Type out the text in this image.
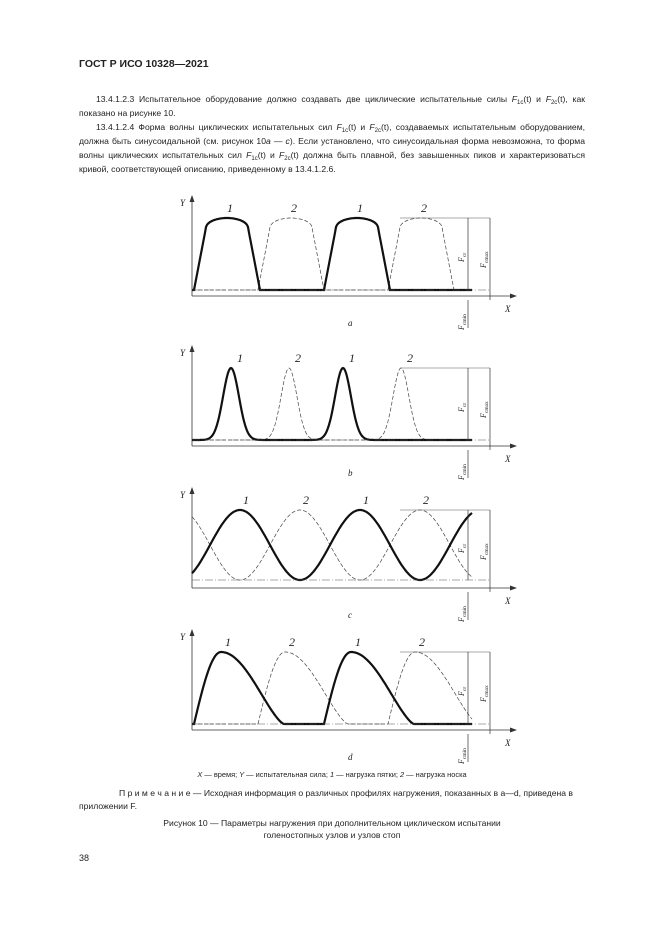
ГОСТ Р ИСО 10328—2021

13.4.1.2.3 Испытательное оборудование должно создавать две циклические испытательные силы $F_{1c}(t)$ и $F_{2c}(t)$, как показано на рисунке 10.

13.4.1.2.4 Форма волны циклических испытательных сил $F_{1c}(t)$ и $F_{2c}(t)$, создаваемых испытательным оборудованием, должна быть синусоидальной (см. рисунок 10a — c). Если установлено, что синусоидальная форма невозможна, то форма волны циклических испытательных сил $F_{1c}(t)$ и $F_{2c}(t)$ должна быть плавной, без завышенных пиков и характеризоваться кривой, соответствующей описанию, приведенному в 13.4.1.2.6.

Y
X
1	1
2	2
$F_{cr}$
$F_{cmax}$
$F_{cmin}$
a
Y
X
1	1
2	2
$F_{cr}$
$F_{cmax}$
$F_{cmin}$
b
Y
X
1	1
2	2
$F_{cr}$
$F_{cmax}$
$F_{cmin}$
c
Y
X
1	1
2	2
$F_{cr}$
$F_{cmax}$
$F_{cmin}$
d
X — время; Y — испытательная сила; 1 — нагрузка пятки; 2 — нагрузка носка
П р и м е ч а н и е — Исходная информация о различных профилях нагружения, показанных в a—d, приведена в приложении F.
Рисунок 10 — Параметры нагружения при дополнительном циклическом испытании
голеностопных узлов и узлов стоп
38
